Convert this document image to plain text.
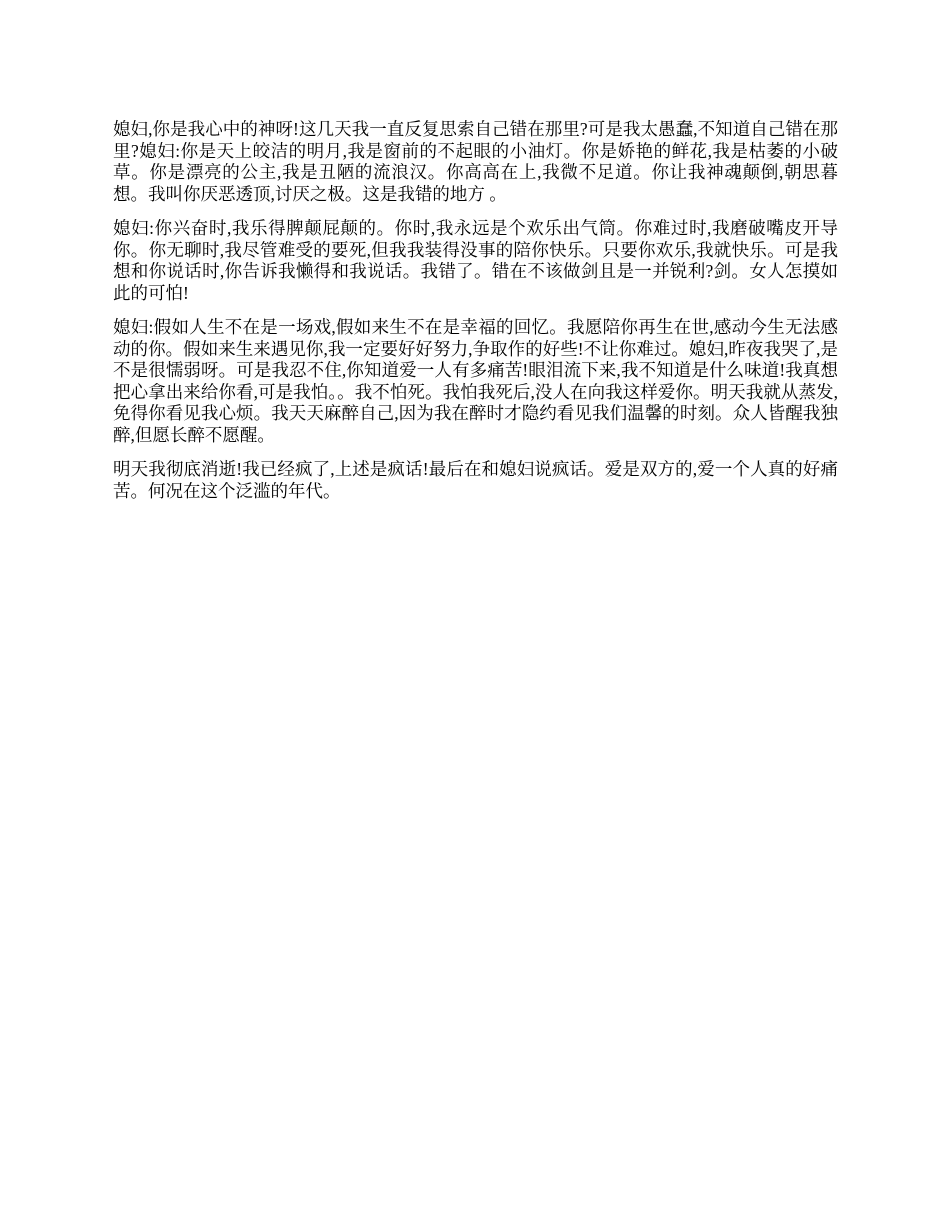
媳妇,你是我心中的神呀!这几天我一直反复思索自己错在那里?可是我太愚蠢,不知道自己错在那里?媳妇:你是天上皎洁的明月,我是窗前的不起眼的小油灯。你是娇艳的鲜花,我是枯萎的小破草。你是漂亮的公主,我是丑陋的流浪汉。你高高在上,我微不足道。你让我神魂颠倒,朝思暮想。我叫你厌恶透顶,讨厌之极。这是我错的地方 。

媳妇:你兴奋时,我乐得脾颠屁颠的。你时,我永远是个欢乐出气筒。你难过时,我磨破嘴皮开导你。你无聊时,我尽管难受的要死,但我我装得没事的陪你快乐。只要你欢乐,我就快乐。可是我想和你说话时,你告诉我懒得和我说话。我错了。错在不该做剑且是一并锐利?剑。女人怎摸如此的可怕!

媳妇:假如人生不在是一场戏,假如来生不在是幸福的回忆。我愿陪你再生在世,感动今生无法感动的你。假如来生来遇见你,我一定要好好努力,争取作的好些!不让你难过。媳妇,昨夜我哭了,是不是很懦弱呀。可是我忍不住,你知道爱一人有多痛苦!眼泪流下来,我不知道是什么味道!我真想把心拿出来给你看,可是我怕。。我不怕死。我怕我死后,没人在向我这样爱你。明天我就从蒸发,免得你看见我心烦。我天天麻醉自己,因为我在醉时才隐约看见我们温馨的时刻。众人皆醒我独醉,但愿长醉不愿醒。

明天我彻底消逝!我已经疯了,上述是疯话!最后在和媳妇说疯话。爱是双方的,爱一个人真的好痛苦。何况在这个泛滥的年代。
